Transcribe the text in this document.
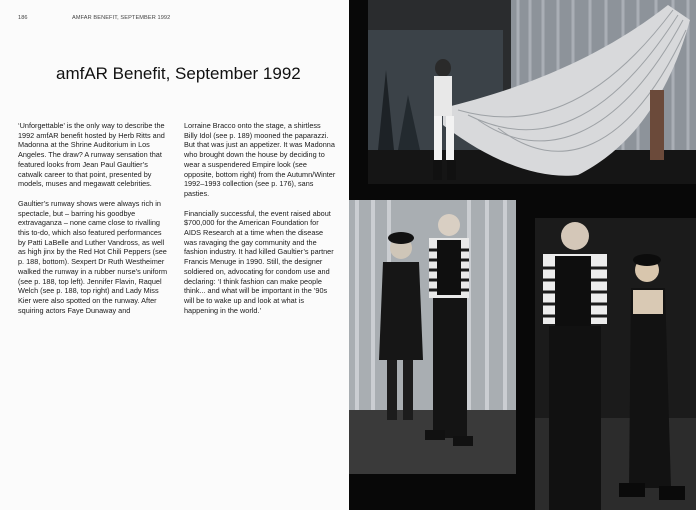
186	AMFAR BENEFIT, SEPTEMBER 1992
amfAR Benefit, September 1992

‘Unforgettable’ is the only way to describe the 1992 amfAR benefit hosted by Herb Ritts and Madonna at the Shrine Auditorium in Los Angeles. The draw? A runway sensation that featured looks from Jean Paul Gaultier’s catwalk career to that point, presented by models, muses and megawatt celebrities.

Gaultier’s runway shows were always rich in spectacle, but – barring his goodbye extravaganza – none came close to rivalling this to-do, which also featured performances by Patti LaBelle and Luther Vandross, as well as high jinx by the Red Hot Chili Peppers (see p. 188, bottom). Sexpert Dr Ruth Westheimer walked the runway in a rubber nurse’s uniform (see p. 188, top left). Jennifer Flavin, Raquel Welch (see p. 188, top right) and Lady Miss Kier were also spotted on the runway. After squiring actors Faye Dunaway and

Lorraine Bracco onto the stage, a shirtless Billy Idol (see p. 189) mooned the paparazzi. But that was just an appetizer. It was Madonna who brought down the house by deciding to wear a suspendered Empire look (see opposite, bottom right) from the Autumn/Winter 1992–1993 collection (see p. 176), sans pasties.

Financially successful, the event raised about $700,000 for the American Foundation for AIDS Research at a time when the disease was ravaging the gay community and the fashion industry. It had killed Gaultier’s partner Francis Menuge in 1990. Still, the designer soldiered on, advocating for condom use and declaring: ‘I think fashion can make people think... and what will be important in the ’90s will be to wake up and look at what is happening in the world.’
